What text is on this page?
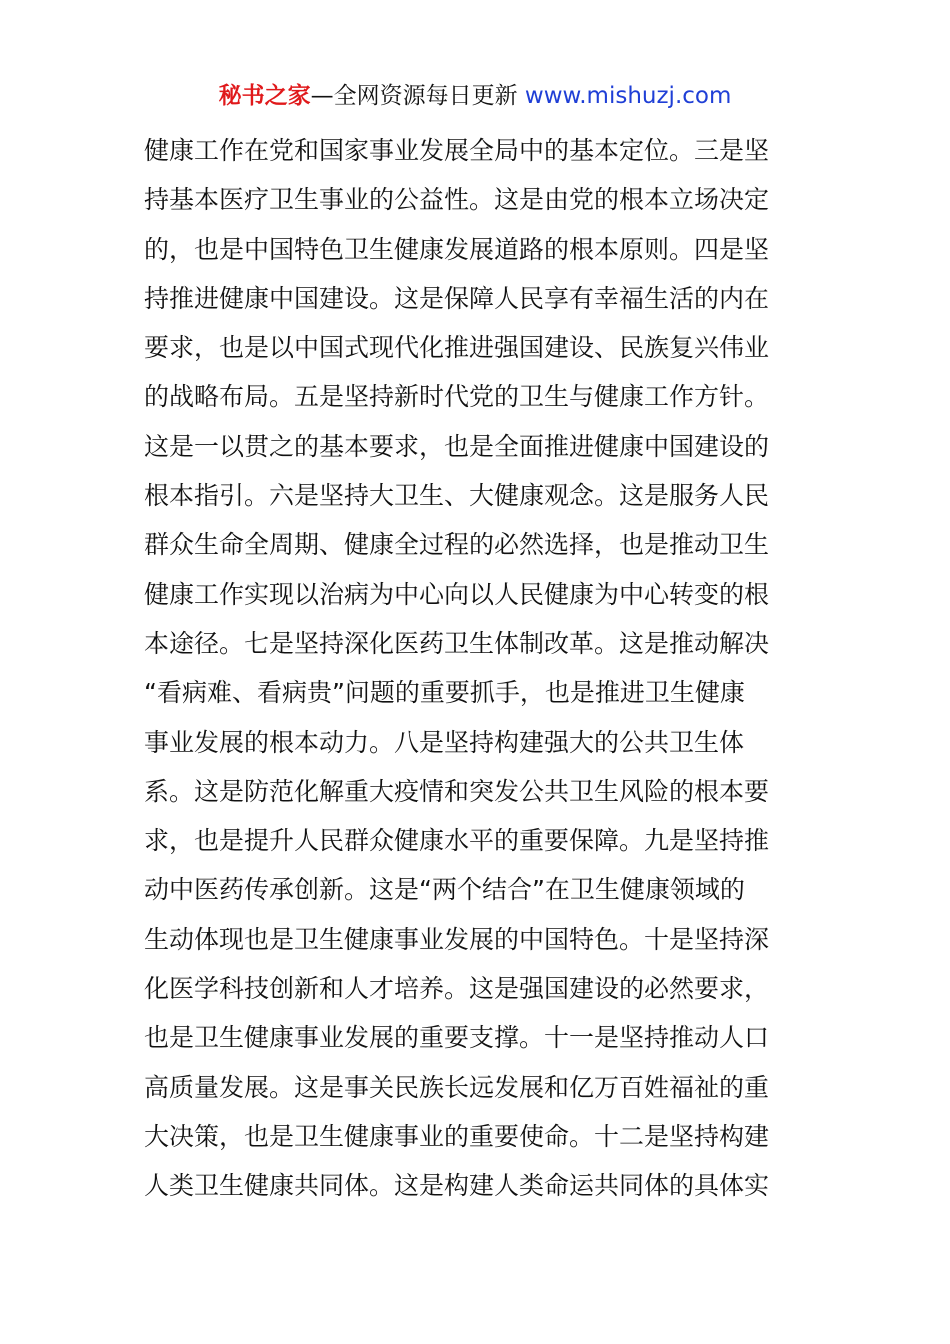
秘书之家—全网资源每日更新 www.mishuzj.com
健康工作在党和国家事业发展全局中的基本定位。三是坚
持基本医疗卫生事业的公益性。这是由党的根本立场决定
的，也是中国特色卫生健康发展道路的根本原则。四是坚
持推进健康中国建设。这是保障人民享有幸福生活的内在
要求，也是以中国式现代化推进强国建设、民族复兴伟业
的战略布局。五是坚持新时代党的卫生与健康工作方针。
这是一以贯之的基本要求，也是全面推进健康中国建设的
根本指引。六是坚持大卫生、大健康观念。这是服务人民
群众生命全周期、健康全过程的必然选择，也是推动卫生
健康工作实现以治病为中心向以人民健康为中心转变的根
本途径。七是坚持深化医药卫生体制改革。这是推动解决
“看病难、看病贵”问题的重要抓手，也是推进卫生健康
事业发展的根本动力。八是坚持构建强大的公共卫生体
系。这是防范化解重大疫情和突发公共卫生风险的根本要
求，也是提升人民群众健康水平的重要保障。九是坚持推
动中医药传承创新。这是“两个结合”在卫生健康领域的
生动体现也是卫生健康事业发展的中国特色。十是坚持深
化医学科技创新和人才培养。这是强国建设的必然要求，
也是卫生健康事业发展的重要支撑。十一是坚持推动人口
高质量发展。这是事关民族长远发展和亿万百姓福祉的重
大决策，也是卫生健康事业的重要使命。十二是坚持构建
人类卫生健康共同体。这是构建人类命运共同体的具体实
